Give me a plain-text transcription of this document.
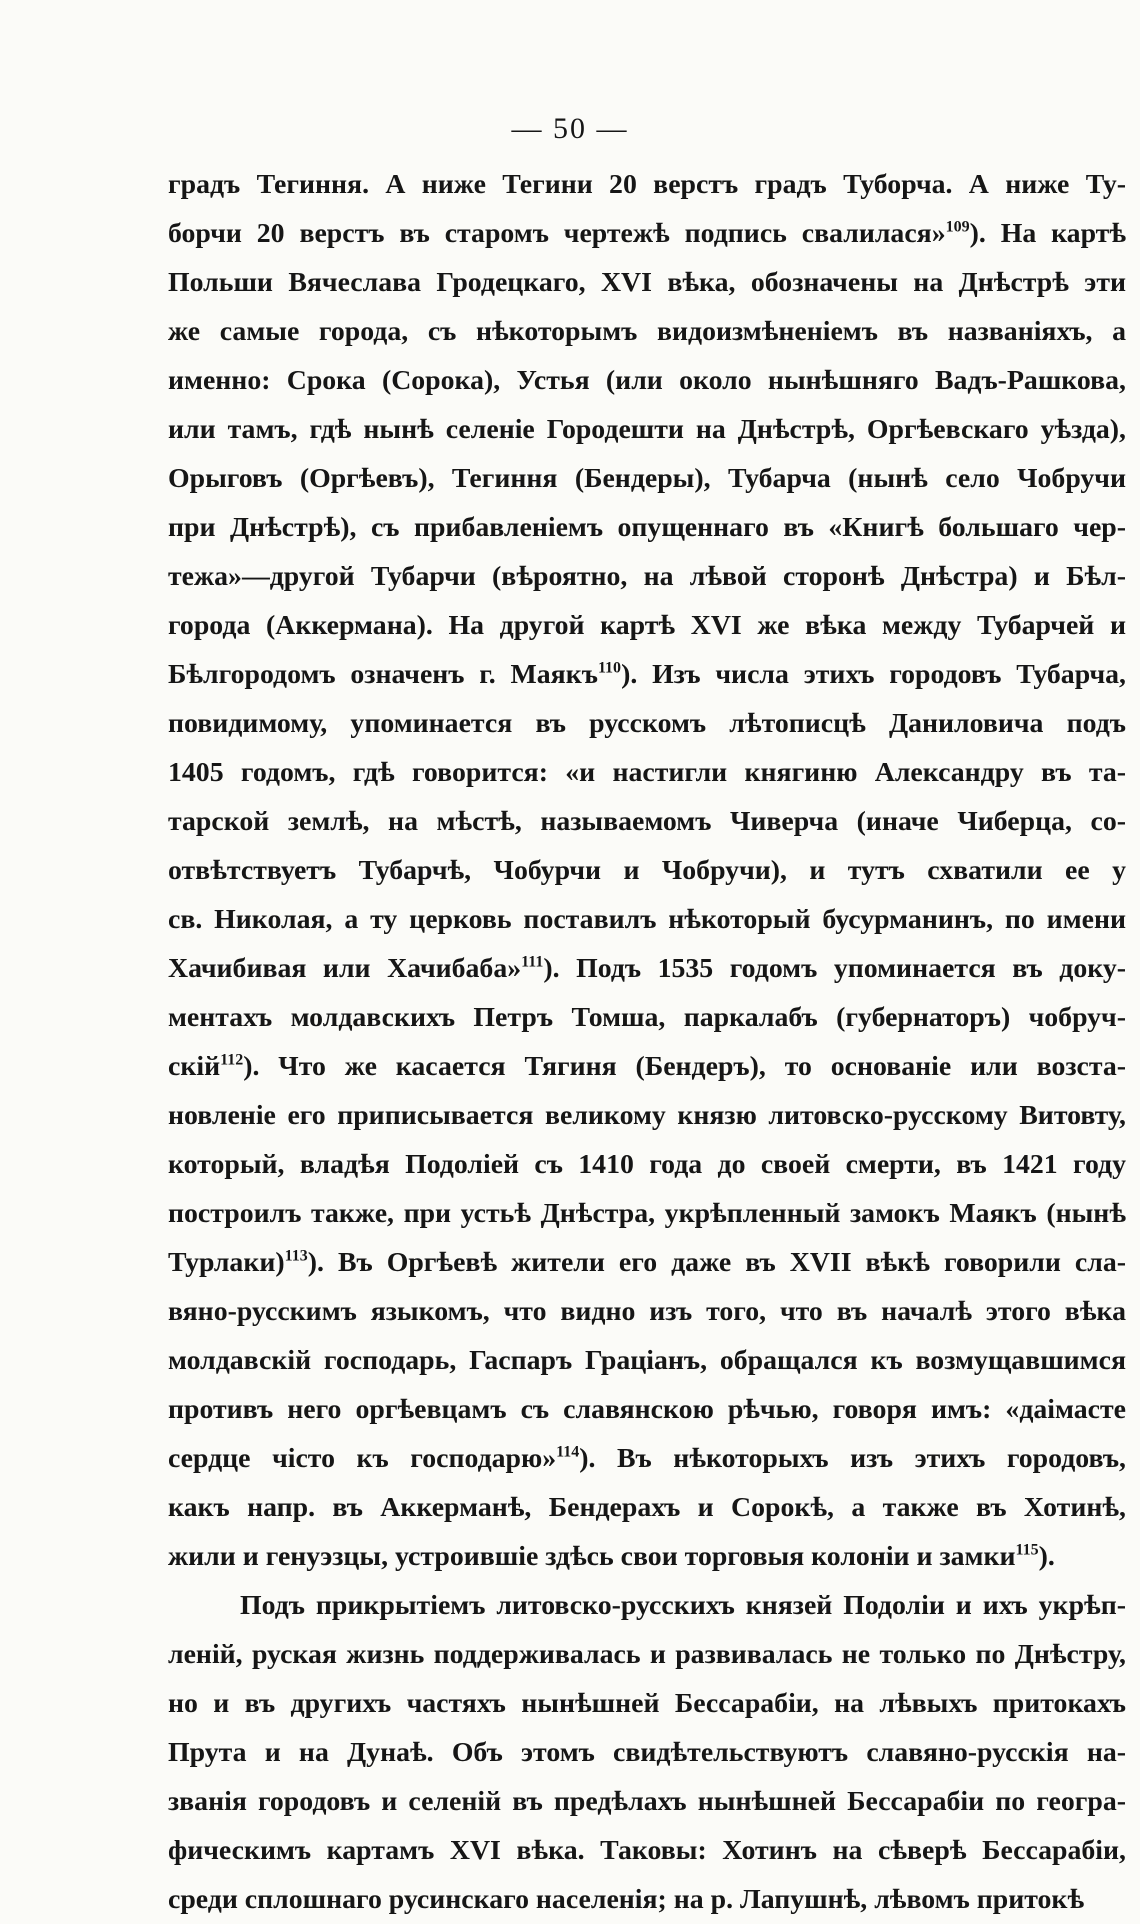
— 50 —
градъ Тегиння. А ниже Тегини 20 верстъ градъ Туборча. А ниже Ту-
борчи 20 верстъ въ старомъ чертежѣ подпись свалилася»$^{109}$). На картѣ
Польши Вячеслава Гродецкаго, XVI вѣка, обозначены на Днѣстрѣ эти
же самые города, съ нѣкоторымъ видоизмѣненіемъ въ названіяхъ, а
именно: Срока (Сорока), Устья (или около нынѣшняго Вадъ-Рашкова,
или тамъ, гдѣ нынѣ селеніе Городешти на Днѣстрѣ, Оргѣевскаго уѣзда),
Орыговъ (Оргѣевъ), Тегиння (Бендеры), Тубарча (нынѣ село Чобручи
при Днѣстрѣ), съ прибавленіемъ опущеннаго въ «Книгѣ большаго чер-
тежа»—другой Тубарчи (вѣроятно, на лѣвой сторонѣ Днѣстра) и Бѣл-
города (Аккермана). На другой картѣ XVI же вѣка между Тубарчей и
Бѣлгородомъ означенъ г. Маякъ$^{110}$). Изъ числа этихъ городовъ Тубарча,
повидимому, упоминается въ русскомъ лѣтописцѣ Даниловича подъ
1405 годомъ, гдѣ говорится: «и настигли княгиню Александру въ та-
тарской землѣ, на мѣстѣ, называемомъ Чиверча (иначе Чиберца, со-
отвѣтствуетъ Тубарчѣ, Чобурчи и Чобручи), и тутъ схватили ее у
св. Николая, а ту церковь поставилъ нѣкоторый бусурманинъ, по имени
Хачибивая или Хачибаба»$^{111}$). Подъ 1535 годомъ упоминается въ доку-
ментахъ молдавскихъ Петръ Томша, паркалабъ (губернаторъ) чобруч-
скій$^{112}$). Что же касается Тягиня (Бендеръ), то основаніе или возста-
новленіе его приписывается великому князю литовско-русскому Витовту,
который, владѣя Подоліей съ 1410 года до своей смерти, въ 1421 году
построилъ также, при устьѣ Днѣстра, укрѣпленный замокъ Маякъ (нынѣ
Турлаки)$^{113}$). Въ Оргѣевѣ жители его даже въ XVII вѣкѣ говорили сла-
вяно-русскимъ языкомъ, что видно изъ того, что въ началѣ этого вѣка
молдавскій господарь, Гаспаръ Граціанъ, обращался къ возмущавшимся
противъ него оргѣевцамъ съ славянскою рѣчью, говоря имъ: «даімасте
сердце чісто къ господарю»$^{114}$). Въ нѣкоторыхъ изъ этихъ городовъ,
какъ напр. въ Аккерманѣ, Бендерахъ и Сорокѣ, а также въ Хотинѣ,
жили и генуэзцы, устроившіе здѣсь свои торговыя колоніи и замки$^{115}$).
Подъ прикрытіемъ литовско-русскихъ князей Подоліи и ихъ укрѣп-
леній, руская жизнь поддерживалась и развивалась не только по Днѣстру,
но и въ другихъ частяхъ нынѣшней Бессарабіи, на лѣвыхъ притокахъ
Прута и на Дунаѣ. Объ этомъ свидѣтельствуютъ славяно-русскія на-
званія городовъ и селеній въ предѣлахъ нынѣшней Бессарабіи по геогра-
фическимъ картамъ XVI вѣка. Таковы: Хотинъ на сѣверѣ Бессарабіи,
среди сплошнаго русинскаго населенія; на р. Лапушнѣ, лѣвомъ притокѣ
